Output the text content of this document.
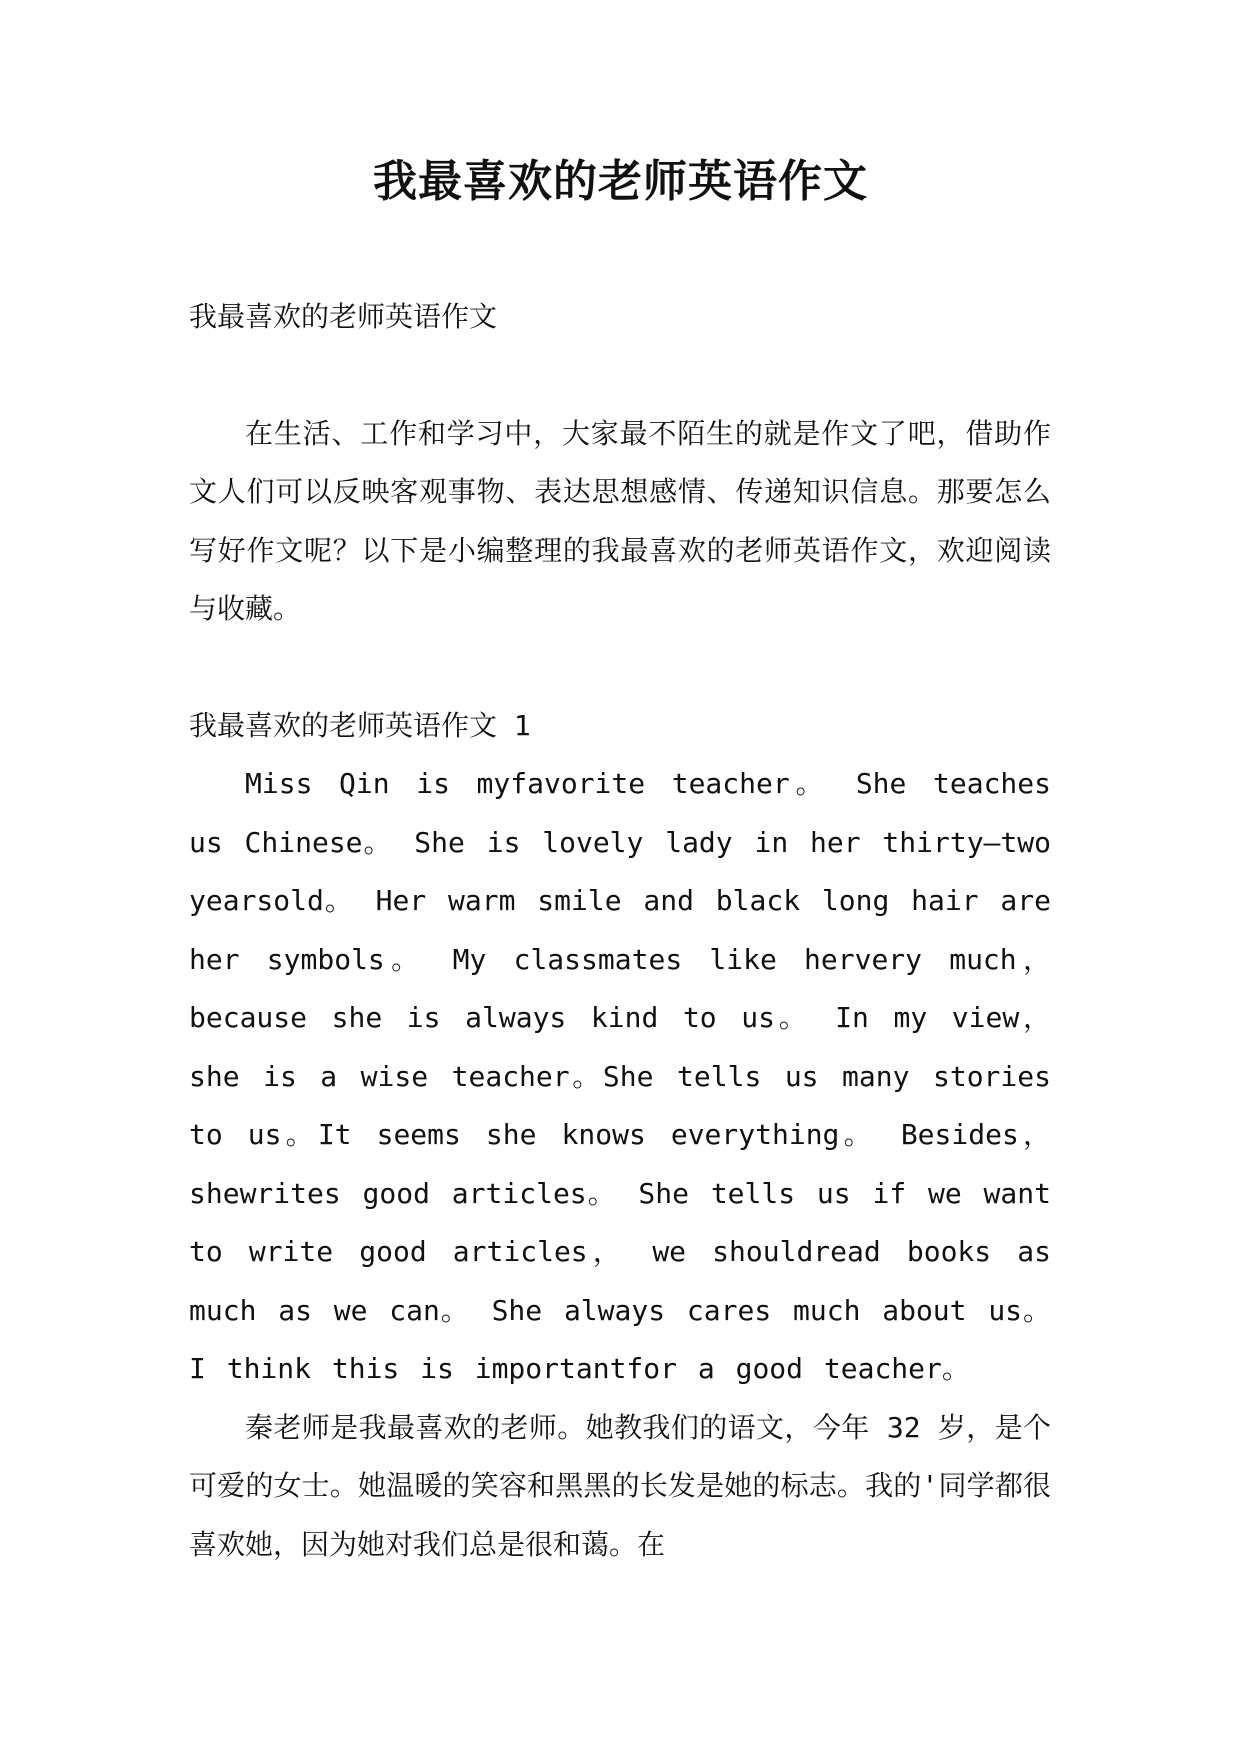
我最喜欢的老师英语作文

我最喜欢的老师英语作文

在生活、工作和学习中，大家最不陌生的就是作文了吧，借助作文人们可以反映客观事物、表达思想感情、传递知识信息。那要怎么写好作文呢？以下是小编整理的我最喜欢的老师英语作文，欢迎阅读与收藏。

我最喜欢的老师英语作文 1

Miss Qin is myfavorite teacher。 She teaches us Chinese。 She is lovely lady in her thirty—two yearsold。 Her warm smile and black long hair are her symbols。 My classmates like hervery much， because she is always kind to us。 In my view， she is a wise teacher。She tells us many stories to us。It seems she knows everything。 Besides， shewrites good articles。 She tells us if we want to write good articles， we shouldread books as much as we can。 She always cares much about us。 I think this is importantfor a good teacher。

秦老师是我最喜欢的老师。她教我们的语文，今年 32 岁，是个可爱的女士。她温暖的笑容和黑黑的长发是她的标志。我的'同学都很喜欢她，因为她对我们总是很和蔼。在
